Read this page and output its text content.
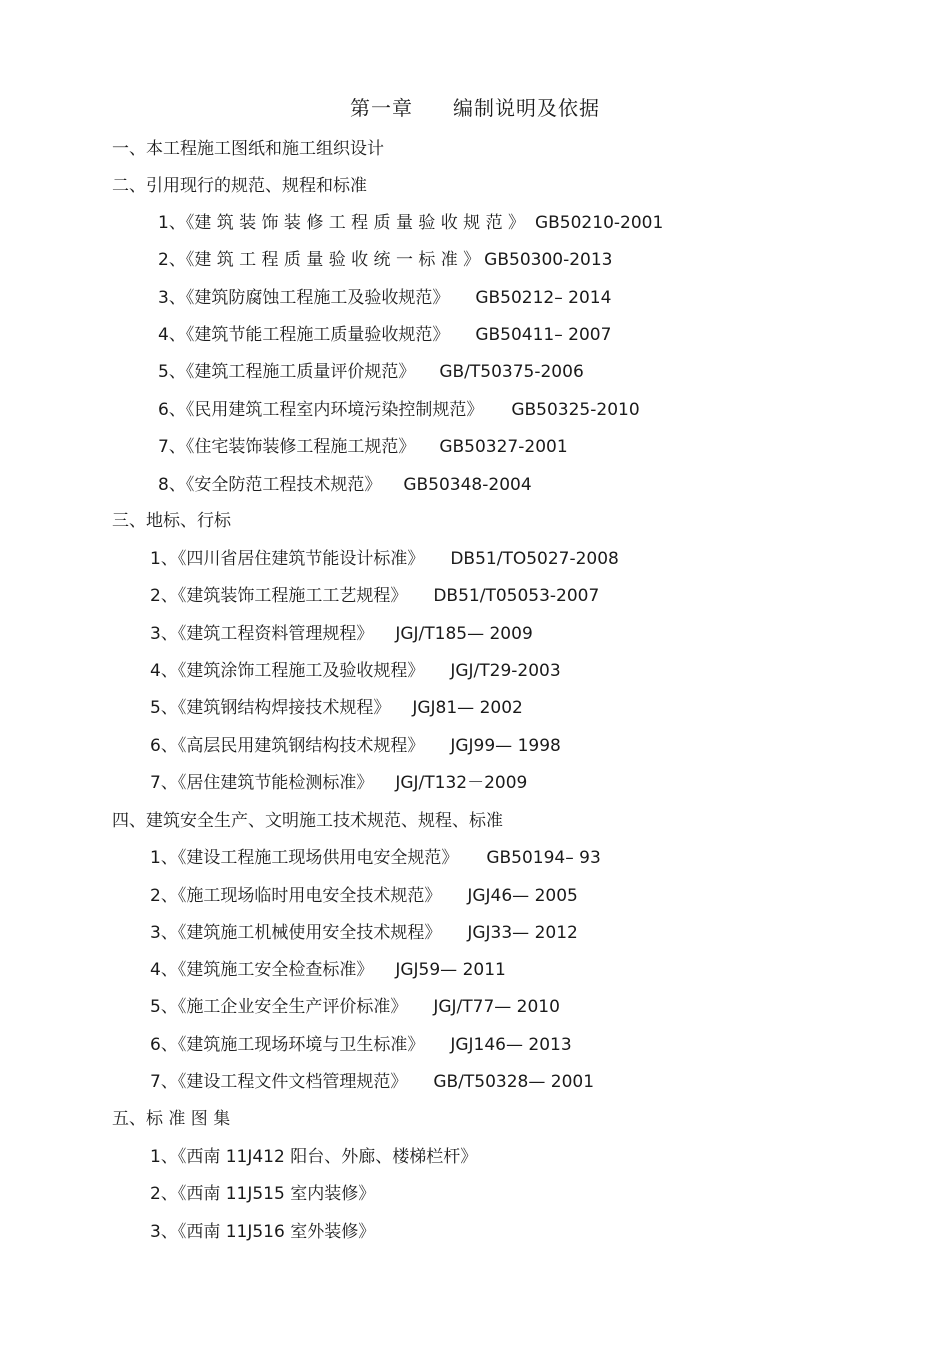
第一章 编制说明及依据
一、本工程施工图纸和施工组织设计
二、引用现行的规范、规程和标准
1、《建 筑 装 饰 装 修 工 程 质 量 验 收 规 范 》 GB50210-2001
2、《建 筑 工 程 质 量 验 收 统 一 标 准 》 GB50300-2013
3、《建筑防腐蚀工程施工及验收规范》 GB50212– 2014
4、《建筑节能工程施工质量验收规范》 GB50411– 2007
5、《建筑工程施工质量评价规范》 GB/T50375-2006
6、《民用建筑工程室内环境污染控制规范》 GB50325-2010
7、《住宅装饰装修工程施工规范》 GB50327-2001
8、《安全防范工程技术规范》 GB50348-2004
三、地标、行标
1、《四川省居住建筑节能设计标准》 DB51/TO5027-2008
2、《建筑装饰工程施工工艺规程》 DB51/T05053-2007
3、《建筑工程资料管理规程》 JGJ/T185— 2009
4、《建筑涂饰工程施工及验收规程》 JGJ/T29-2003
5、《建筑钢结构焊接技术规程》 JGJ81— 2002
6、《高层民用建筑钢结构技术规程》 JGJ99— 1998
7、《居住建筑节能检测标准》 JGJ/T132－2009
四、建筑安全生产、文明施工技术规范、规程、标准
1、《建设工程施工现场供用电安全规范》 GB50194– 93
2、《施工现场临时用电安全技术规范》 JGJ46— 2005
3、《建筑施工机械使用安全技术规程》 JGJ33— 2012
4、《建筑施工安全检查标准》 JGJ59— 2011
5、《施工企业安全生产评价标准》 JGJ/T77— 2010
6、《建筑施工现场环境与卫生标准》 JGJ146— 2013
7、《建设工程文件文档管理规范》 GB/T50328— 2001
五、标 准 图 集
1、《西南 11J412 阳台、外廊、楼梯栏杆》
2、《西南 11J515 室内装修》
3、《西南 11J516 室外装修》
